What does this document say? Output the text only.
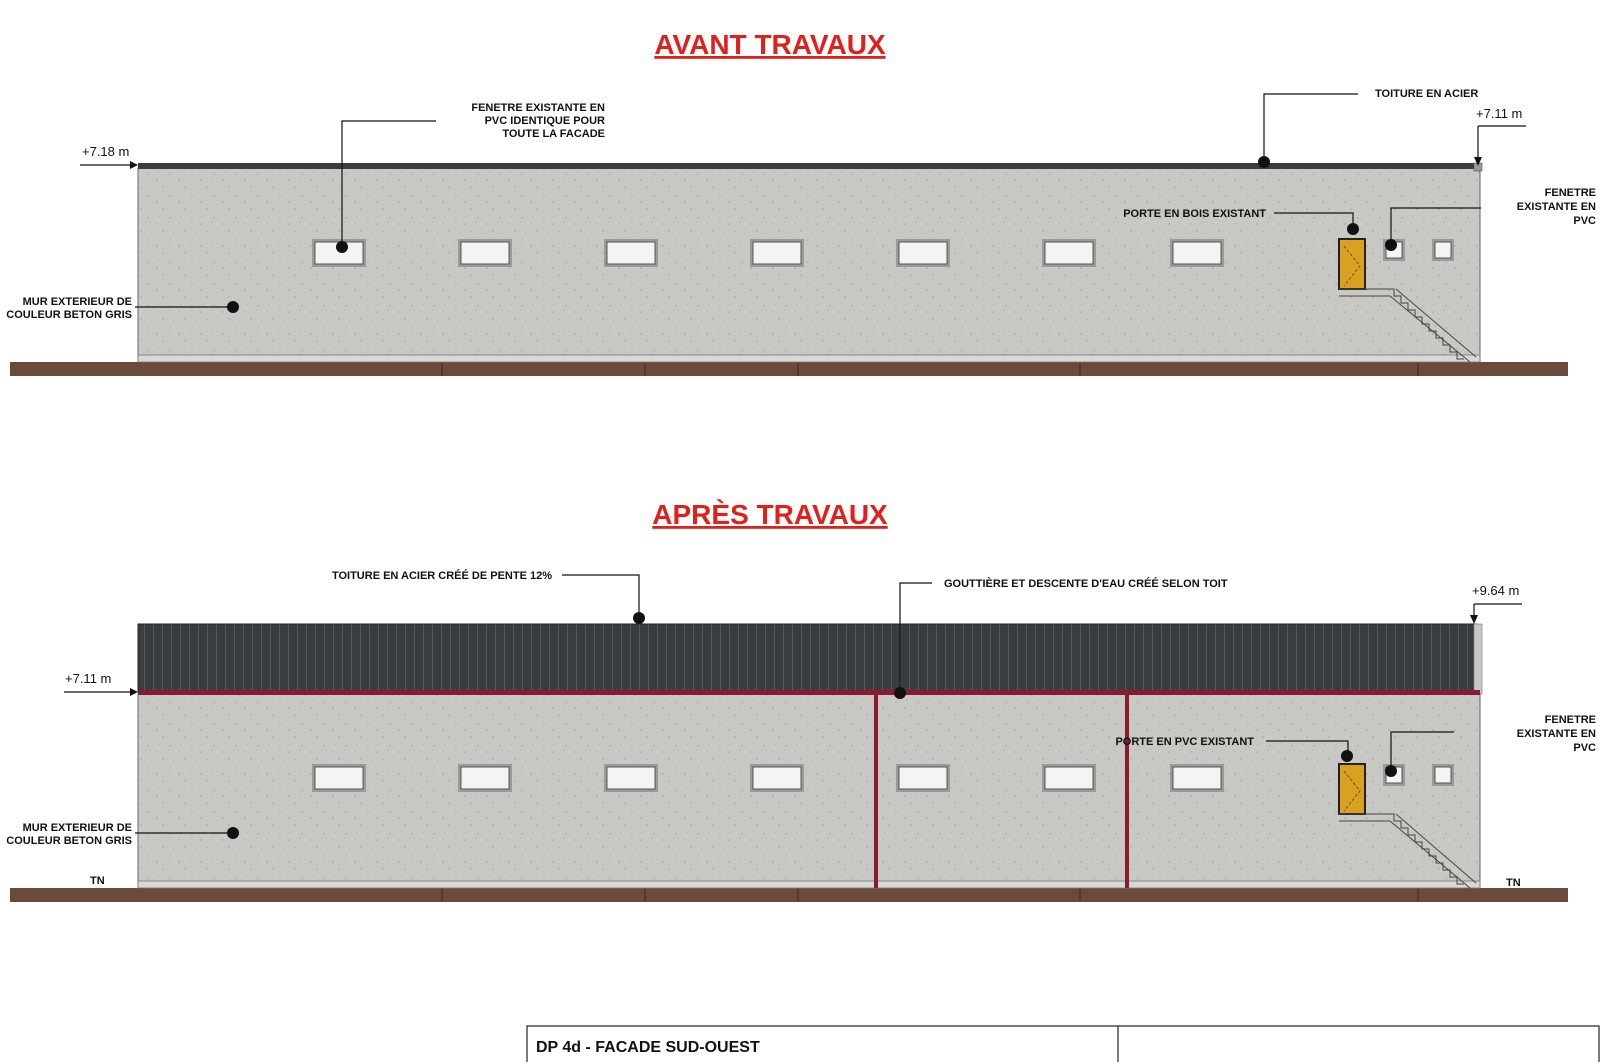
AVANT TRAVAUX
FENETRE EXISTANTE EN
PVC IDENTIQUE POUR
TOUTE LA FACADE
TOITURE EN ACIER
PORTE EN BOIS EXISTANT
FENETRE
EXISTANTE EN
PVC
MUR EXTERIEUR DE
COULEUR BETON GRIS
+7.18 m
+7.11 m
APRÈS TRAVAUX
TOITURE EN ACIER CRÉÉ DE PENTE 12%
GOUTTIÈRE ET DESCENTE D'EAU CRÉÉ SELON TOIT
PORTE EN PVC EXISTANT
FENETRE
EXISTANTE EN
PVC
MUR EXTERIEUR DE
COULEUR BETON GRIS
+7.11 m
+9.64 m
TN	TN
DP 4d - FACADE SUD-OUEST
